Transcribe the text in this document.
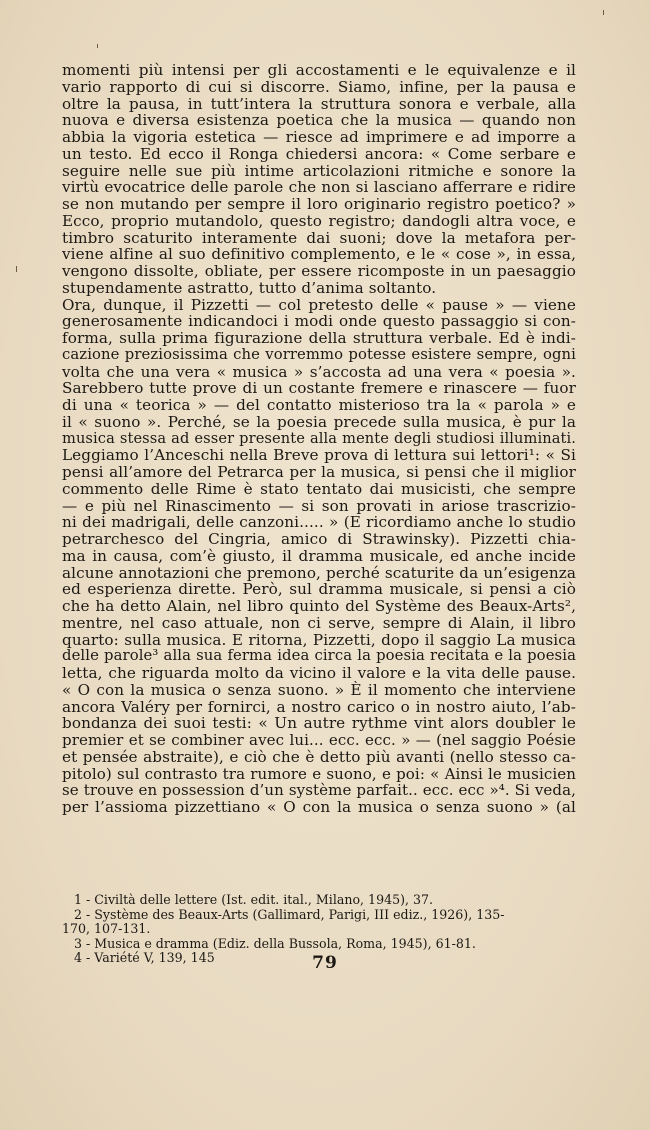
momenti più intensi per gli accostamenti e le equivalenze e il
vario rapporto di cui si discorre. Siamo, infine, per la pausa e
oltre la pausa, in tutt’intera la struttura sonora e verbale, alla
nuova e diversa esistenza poetica che la musica — quando non
abbia la vigoria estetica — riesce ad imprimere e ad imporre a
un testo. Ed ecco il Ronga chiedersi ancora: « Come serbare e
seguire nelle sue più intime articolazioni ritmiche e sonore la
virtù evocatrice delle parole che non si lasciano afferrare e ridire
se non mutando per sempre il loro originario registro poetico? »
Ecco, proprio mutandolo, questo registro; dandogli altra voce, e
timbro scaturito interamente dai suoni; dove la metafora per-
viene alfine al suo definitivo complemento, e le « cose », in essa,
vengono dissolte, obliate, per essere ricomposte in un paesaggio
stupendamente astratto, tutto d’anima soltanto.
Ora, dunque, il Pizzetti — col pretesto delle « pause » — viene
generosamente indicandoci i modi onde questo passaggio si con-
forma, sulla prima figurazione della struttura verbale. Ed è indi-
cazione preziosissima che vorremmo potesse esistere sempre, ogni
volta che una vera « musica » s’accosta ad una vera « poesia ».
Sarebbero tutte prove di un costante fremere e rinascere — fuor
di una « teorica » — del contatto misterioso tra la « parola » e
il « suono ». Perché, se la poesia precede sulla musica, è pur la
musica stessa ad esser presente alla mente degli studiosi illuminati.
Leggiamo l’Anceschi nella Breve prova di lettura sui lettori¹: « Si
pensi all’amore del Petrarca per la musica, si pensi che il miglior
commento delle Rime è stato tentato dai musicisti, che sempre
— e più nel Rinascimento — si son provati in ariose trascrizio-
ni dei madrigali, delle canzoni..... » (E ricordiamo anche lo studio
petrarchesco del Cingria, amico di Strawinsky). Pizzetti chia-
ma in causa, com’è giusto, il dramma musicale, ed anche incide
alcune annotazioni che premono, perché scaturite da un’esigenza
ed esperienza dirette. Però, sul dramma musicale, si pensi a ciò
che ha detto Alain, nel libro quinto del Système des Beaux-Arts²,
mentre, nel caso attuale, non ci serve, sempre di Alain, il libro
quarto: sulla musica. E ritorna, Pizzetti, dopo il saggio La musica
delle parole³ alla sua ferma idea circa la poesia recitata e la poesia
letta, che riguarda molto da vicino il valore e la vita delle pause.
« O con la musica o senza suono. » È il momento che interviene
ancora Valéry per fornirci, a nostro carico o in nostro aiuto, l’ab-
bondanza dei suoi testi: « Un autre rythme vint alors doubler le
premier et se combiner avec lui... ecc. ecc. » — (nel saggio Poésie
et pensée abstraite), e ciò che è detto più avanti (nello stesso ca-
pitolo) sul contrasto tra rumore e suono, e poi: « Ainsi le musicien
se trouve en possession d’un système parfait.. ecc. ecc »⁴. Si veda,
per l’assioma pizzettiano « O con la musica o senza suono » (al
1 - Civiltà delle lettere (Ist. edit. ital., Milano, 1945), 37.
2 - Système des Beaux-Arts (Gallimard, Parigi, III ediz., 1926), 135-
170, 107-131.
3 - Musica e dramma (Ediz. della Bussola, Roma, 1945), 61-81.
4 - Variété V, 139, 145	79
